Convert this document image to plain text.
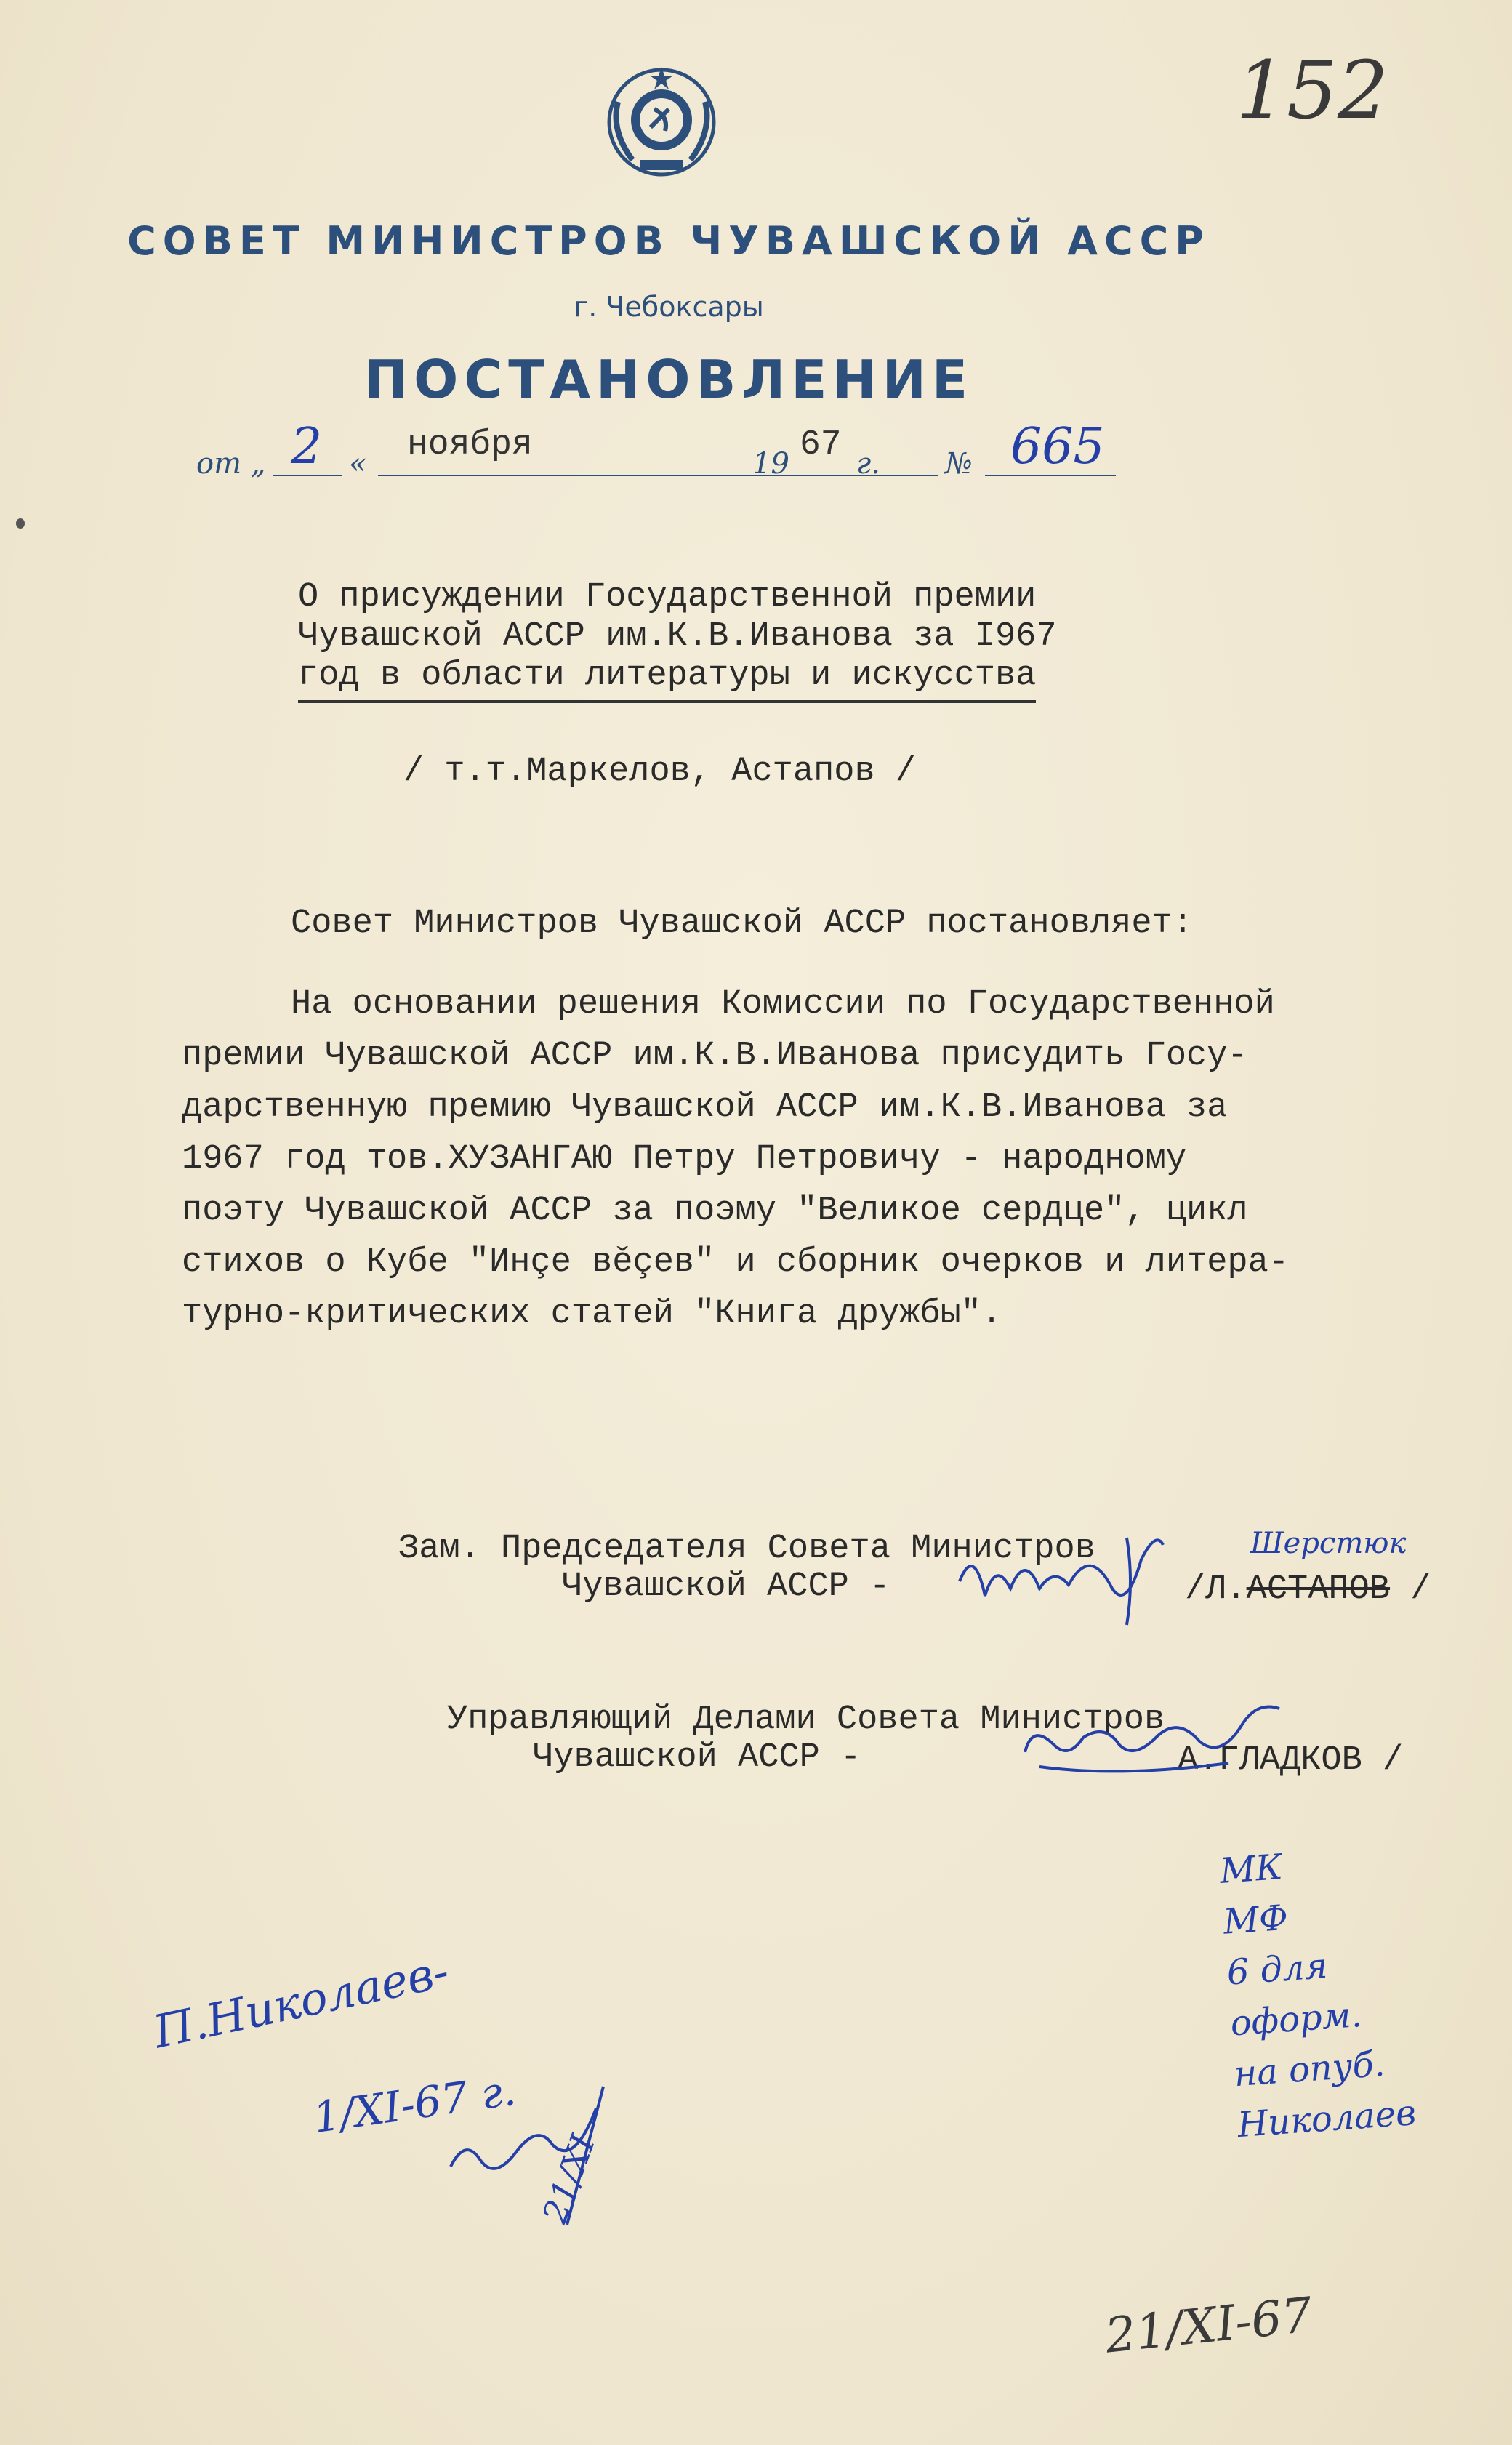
152
СОВЕТ МИНИСТРОВ ЧУВАШСКОЙ АССР
г. Чебоксары
ПОСТАНОВЛЕНИЕ
от „ 2 « ноября	19 67 г. № 665
О присуждении Государственной премии
Чувашской АССР им.К.В.Иванова за I967
год в области литературы и искусства
/ т.т.Маркелов, Астапов /

Совет Министров Чувашской АССР постановляет:

На основании решения Комиссии по Государственной

премии Чувашской АССР им.К.В.Иванова присудить Госу-

дарственную премию Чувашской АССР им.К.В.Иванова за

1967 год тов.ХУЗАНГАЮ Петру Петровичу - народному

поэту Чувашской АССР за поэму "Великое сердце", цикл

стихов о Кубе "Инçе вěçев" и сборник очерков и литера-

турно-критических статей "Книга дружбы".

Зам. Председателя Совета Министров
Чувашской АССР -
Шерстюк
/Л.АСТАПОВ /
Управляющий Делами Совета Министров
Чувашской АССР -	А.ГЛАДКОВ /
П.Николаев-
1/XI-67 г.
21/XI
МК
МФ
6 для
оформ.
на опуб.
Николаев
21/XI-67
